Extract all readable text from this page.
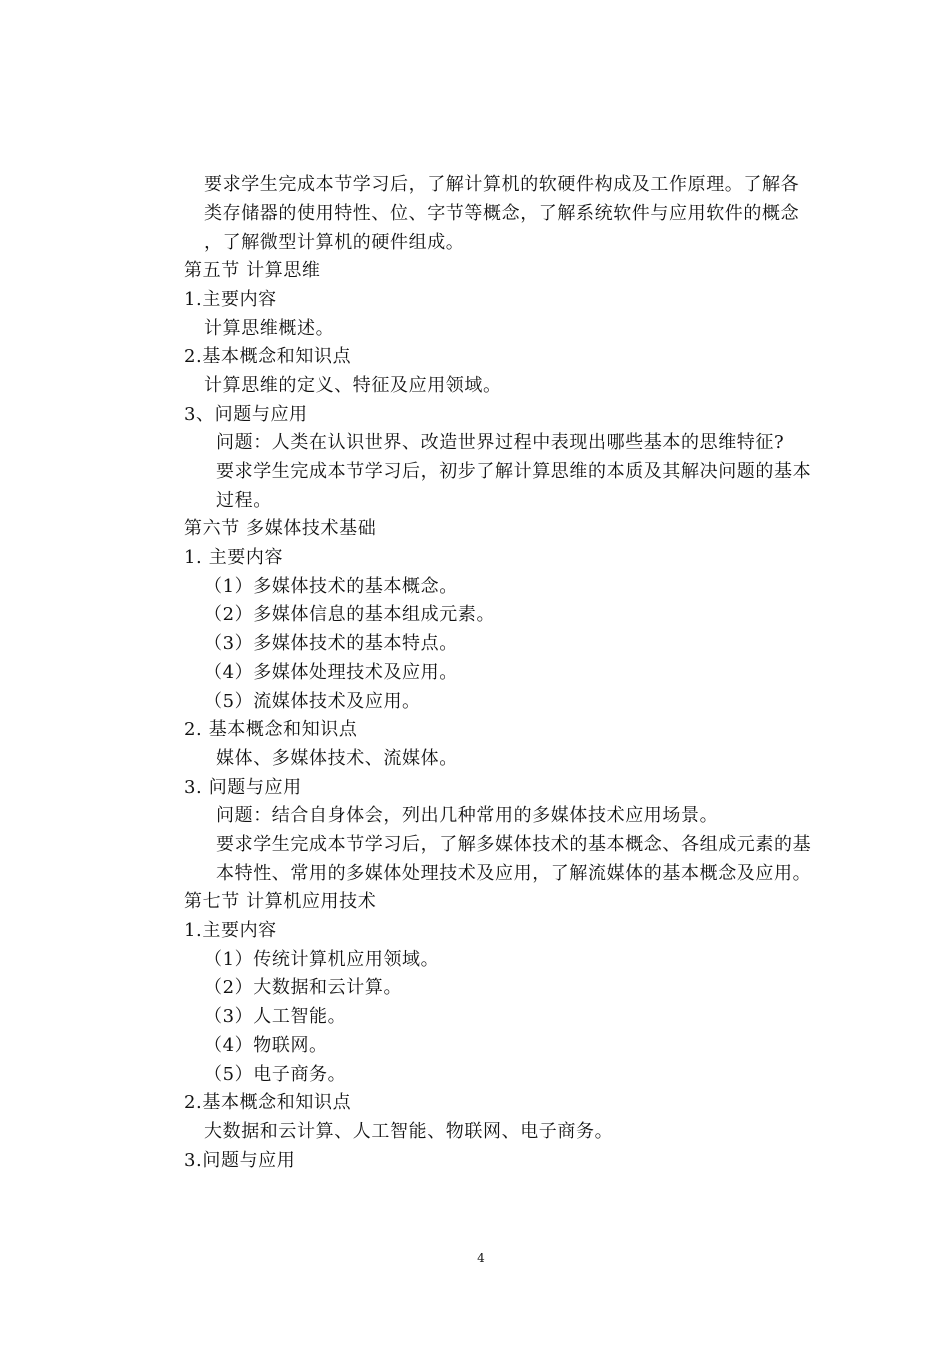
要求学生完成本节学习后，了解计算机的软硬件构成及工作原理。了解各
类存储器的使用特性、位、字节等概念，了解系统软件与应用软件的概念
，了解微型计算机的硬件组成。
第五节 计算思维
1.主要内容
计算思维概述。
2.基本概念和知识点
计算思维的定义、特征及应用领域。
3、问题与应用
问题：人类在认识世界、改造世界过程中表现出哪些基本的思维特征?
要求学生完成本节学习后，初步了解计算思维的本质及其解决问题的基本
过程。
第六节 多媒体技术基础
1. 主要内容
（1）多媒体技术的基本概念。
（2）多媒体信息的基本组成元素。
（3）多媒体技术的基本特点。
（4）多媒体处理技术及应用。
（5）流媒体技术及应用。
2. 基本概念和知识点
媒体、多媒体技术、流媒体。
3. 问题与应用
问题：结合自身体会，列出几种常用的多媒体技术应用场景。
要求学生完成本节学习后，了解多媒体技术的基本概念、各组成元素的基
本特性、常用的多媒体处理技术及应用，了解流媒体的基本概念及应用。
第七节 计算机应用技术
1.主要内容
（1）传统计算机应用领域。
（2）大数据和云计算。
（3）人工智能。
（4）物联网。
（5）电子商务。
2.基本概念和知识点
大数据和云计算、人工智能、物联网、电子商务。
3.问题与应用
4
